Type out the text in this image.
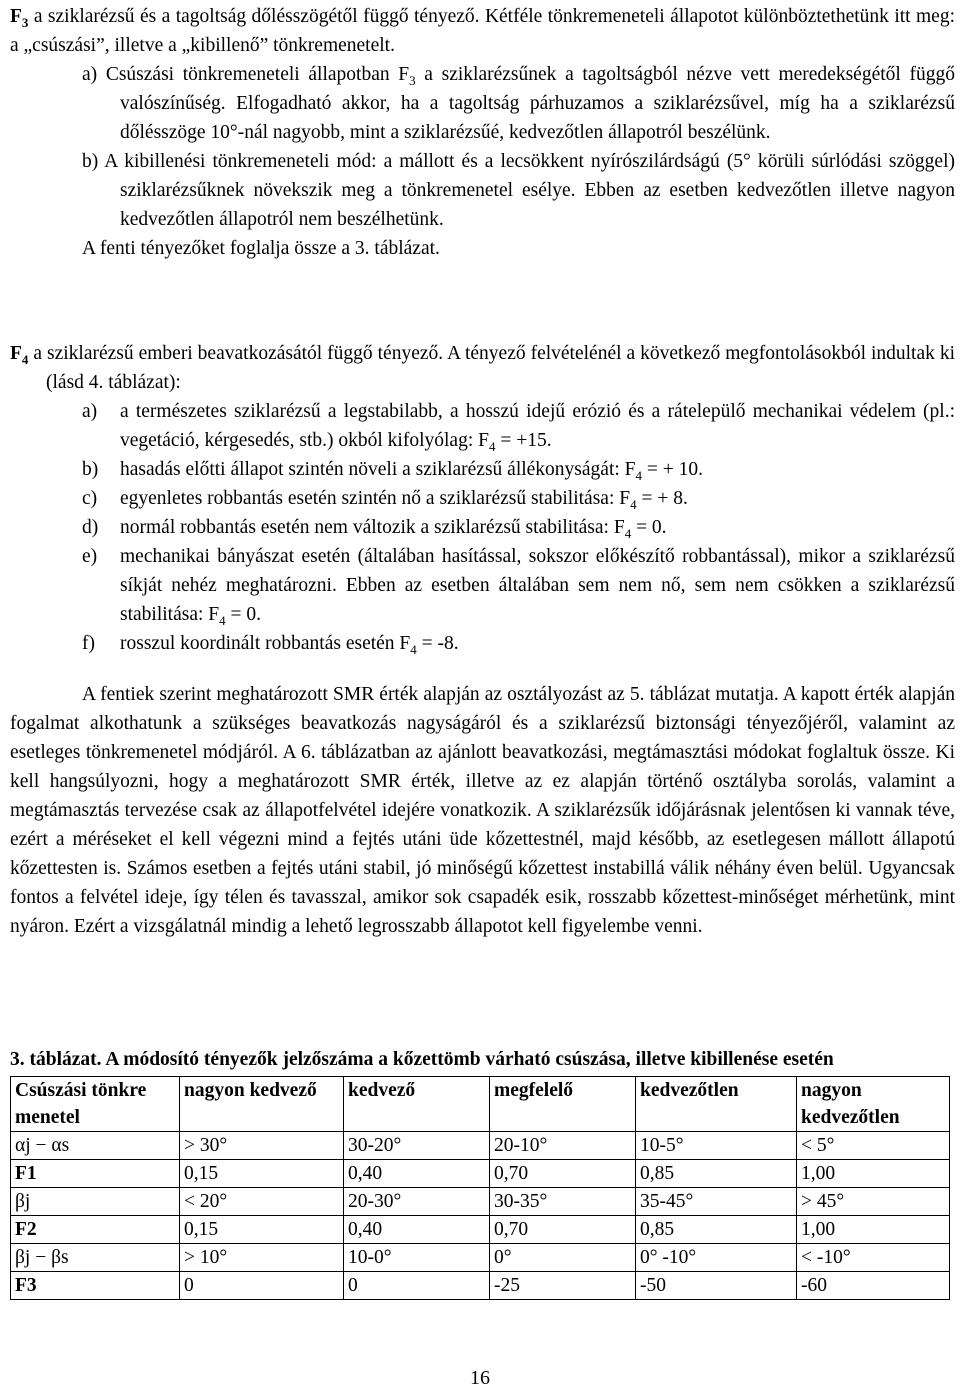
$F_3$ a sziklarézsű és a tagoltság dőlésszögétől függő tényező. Kétféle tönkremeneteli állapotot különböztethetünk itt meg: a „csúszási”, illetve a „kibillenő” tönkremenetelt.

a) Csúszási tönkremeneteli állapotban $F_3$ a sziklarézsűnek a tagoltságból nézve vett meredekségétől függő valószínűség. Elfogadható akkor, ha a tagoltság párhuzamos a sziklarézsűvel, míg ha a sziklarézsű dőlésszöge 10°-nál nagyobb, mint a sziklarézsűé, kedvezőtlen állapotról beszélünk.

b) A kibillenési tönkremeneteli mód: a mállott és a lecsökkent nyírószilárdságú (5° körüli súrlódási szöggel) sziklarézsűknek növekszik meg a tönkremenetel esélye. Ebben az esetben kedvezőtlen illetve nagyon kedvezőtlen állapotról nem beszélhetünk.

A fenti tényezőket foglalja össze a 3. táblázat.

$F_4$ a sziklarézsű emberi beavatkozásától függő tényező. A tényező felvételénél a következő megfontolásokból indultak ki (lásd 4. táblázat):

a) a természetes sziklarézsű a legstabilabb, a hosszú idejű erózió és a rátelepülő mechanikai védelem (pl.: vegetáció, kérgesedés, stb.) okból kifolyólag: $F_4 = +15$.

b) hasadás előtti állapot szintén növeli a sziklarézsű állékonyságát: $F_4$ = + 10.

c) egyenletes robbantás esetén szintén nő a sziklarézsű stabilitása: $F_4$ = + 8.

d) normál robbantás esetén nem változik a sziklarézsű stabilitása: $F_4 = 0$.

e) mechanikai bányászat esetén (általában hasítással, sokszor előkészítő robbantással), mikor a sziklarézsű síkját nehéz meghatározni. Ebben az esetben általában sem nem nő, sem nem csökken a sziklarézsű stabilitása: $F_4 = 0$.

f) rosszul koordinált robbantás esetén $F_4 = -8$.

A fentiek szerint meghatározott SMR érték alapján az osztályozást az 5. táblázat mutatja. A kapott érték alapján fogalmat alkothatunk a szükséges beavatkozás nagyságáról és a sziklarézsű biztonsági tényezőjéről, valamint az esetleges tönkremenetel módjáról. A 6. táblázatban az ajánlott beavatkozási, megtámasztási módokat foglaltuk össze. Ki kell hangsúlyozni, hogy a meghatározott SMR érték, illetve az ez alapján történő osztályba sorolás, valamint a megtámasztás tervezése csak az állapotfelvétel idejére vonatkozik. A sziklarézsűk időjárásnak jelentősen ki vannak téve, ezért a méréseket el kell végezni mind a fejtés utáni üde kőzettestnél, majd később, az esetlegesen mállott állapotú kőzettesten is. Számos esetben a fejtés utáni stabil, jó minőségű kőzettest instabillá válik néhány éven belül. Ugyancsak fontos a felvétel ideje, így télen és tavasszal, amikor sok csapadék esik, rosszabb kőzettest-minőséget mérhetünk, mint nyáron. Ezért a vizsgálatnál mindig a lehető legrosszabb állapotot kell figyelembe venni.

3. táblázat. A módosító tényezők jelzőszáma a kőzettömb várható csúszása, illetve kibillenése esetén

Csúszási tönkre menetel	nagyon kedvező	kedvező	megfelelő	kedvezőtlen	nagyon kedvezőtlen
αj − αs	> 30°	30-20°	20-10°	10-5°	< 5°
F1	0,15	0,40	0,70	0,85	1,00
βj	< 20°	20-30°	30-35°	35-45°	> 45°
F2	0,15	0,40	0,70	0,85	1,00
βj − βs	> 10°	10-0°	0°	0° -10°	< -10°
F3	0	0	-25	-50	-60
16
